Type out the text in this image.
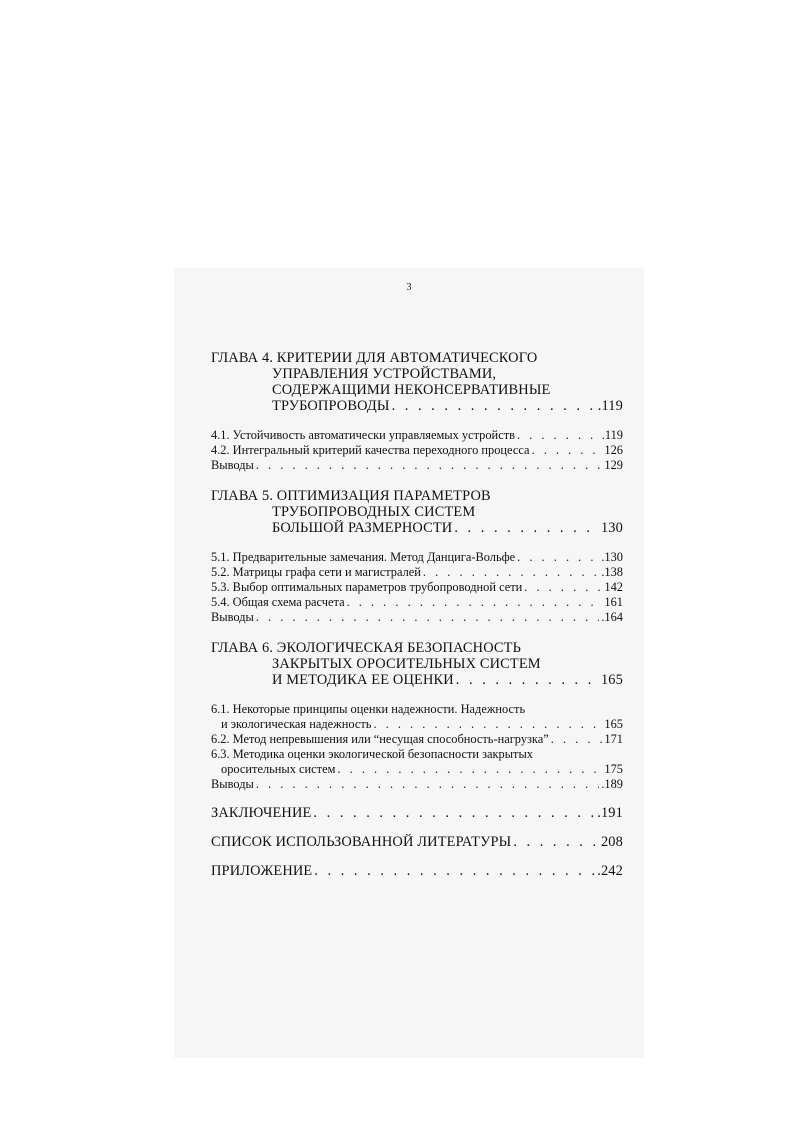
3
ГЛАВА 4. КРИТЕРИИ ДЛЯ АВТОМАТИЧЕСКОГО
УПРАВЛЕНИЯ УСТРОЙСТВАМИ,
СОДЕРЖАЩИМИ НЕКОНСЕРВАТИВНЫЕ
ТРУБОПРОВОДЫ . . .	.119
4.1. Устойчивость автоматически управляемых устройств . . .	.119
4.2. Интегральный критерий качества переходного процесса . . .	126
Выводы . . .	129
ГЛАВА 5. ОПТИМИЗАЦИЯ ПАРАМЕТРОВ
ТРУБОПРОВОДНЫХ СИСТЕМ
БОЛЬШОЙ РАЗМЕРНОСТИ . . .	130
5.1. Предварительные замечания. Метод Данцига-Вольфе . . .	.130
5.2. Матрицы графа сети и магистралей . . .	.138
5.3. Выбор оптимальных параметров трубопроводной сети . . .	142
5.4. Общая схема расчета . . .	161
Выводы . . .	.164
ГЛАВА 6. ЭКОЛОГИЧЕСКАЯ БЕЗОПАСНОСТЬ
ЗАКРЫТЫХ ОРОСИТЕЛЬНЫХ СИСТЕМ
И МЕТОДИКА ЕЕ ОЦЕНКИ . . .	165
6.1. Некоторые принципы оценки надежности. Надежность
и экологическая надежность . . .	165
6.2. Метод непревышения или “несущая способность-нагрузка” . . .	171
6.3. Методика оценки экологической безопасности закрытых
оросительных систем . . .	175
Выводы . . .	.189
ЗАКЛЮЧЕНИЕ . . .	.191
СПИСОК ИСПОЛЬЗОВАННОЙ ЛИТЕРАТУРЫ . . .	208
ПРИЛОЖЕНИЕ . . .	.242
